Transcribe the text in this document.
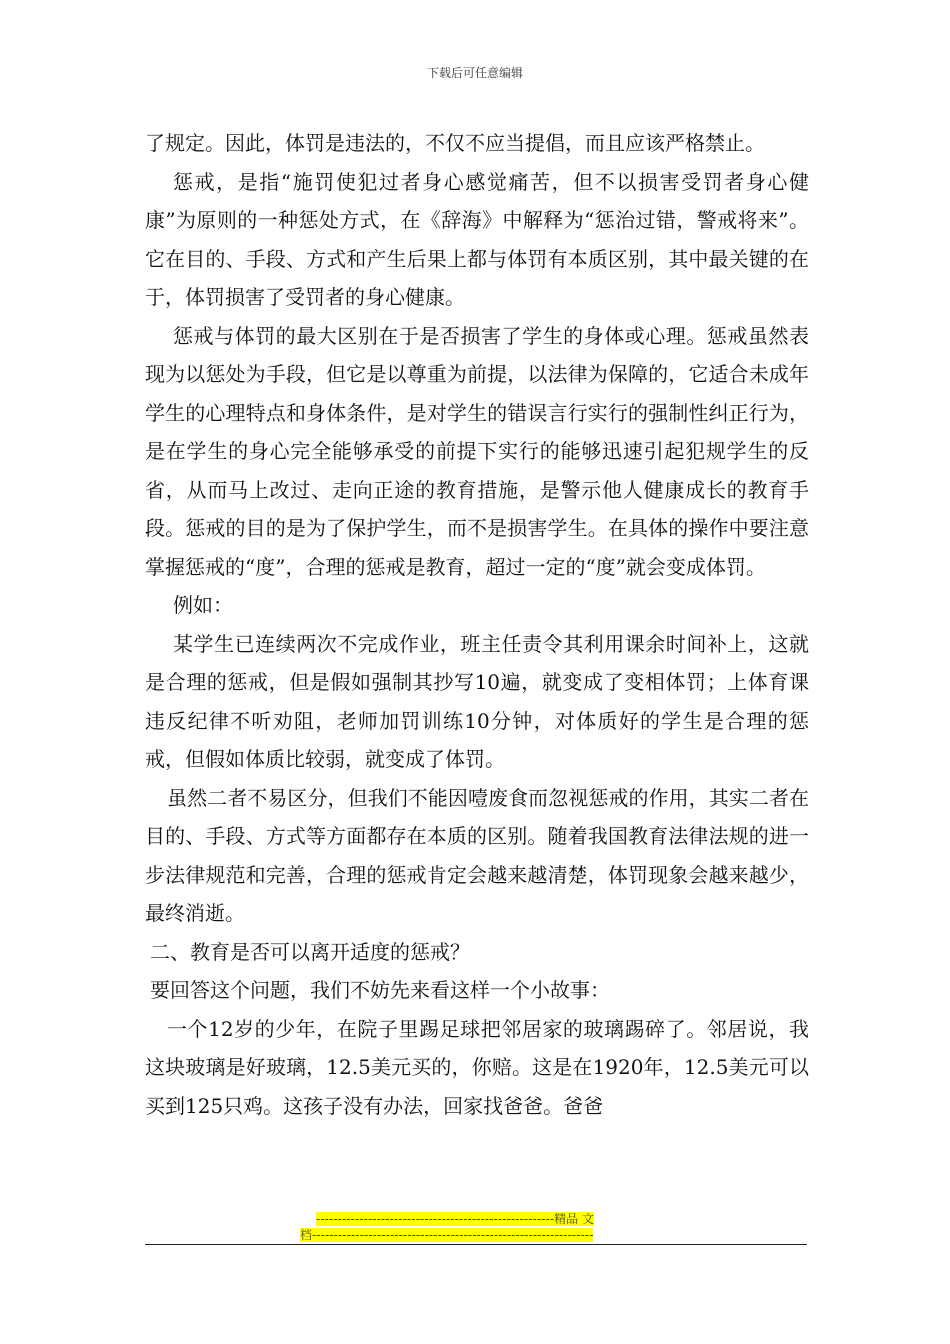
下载后可任意编辑

了规定。因此，体罚是违法的，不仅不应当提倡，而且应该严格禁止。

惩戒，是指“施罚使犯过者身心感觉痛苦，但不以损害受罚者身心健康”为原则的一种惩处方式，在《辞海》中解释为“惩治过错，警戒将来”。它在目的、手段、方式和产生后果上都与体罚有本质区别，其中最关键的在于，体罚损害了受罚者的身心健康。

惩戒与体罚的最大区别在于是否损害了学生的身体或心理。惩戒虽然表现为以惩处为手段，但它是以尊重为前提，以法律为保障的，它适合未成年学生的心理特点和身体条件，是对学生的错误言行实行的强制性纠正行为，是在学生的身心完全能够承受的前提下实行的能够迅速引起犯规学生的反省，从而马上改过、走向正途的教育措施，是警示他人健康成长的教育手段。惩戒的目的是为了保护学生，而不是损害学生。在具体的操作中要注意掌握惩戒的“度”，合理的惩戒是教育，超过一定的“度”就会变成体罚。

例如：

某学生已连续两次不完成作业，班主任责令其利用课余时间补上，这就是合理的惩戒，但是假如强制其抄写10遍，就变成了变相体罚；上体育课违反纪律不听劝阻，老师加罚训练10分钟，对体质好的学生是合理的惩戒，但假如体质比较弱，就变成了体罚。

虽然二者不易区分，但我们不能因噎废食而忽视惩戒的作用，其实二者在目的、手段、方式等方面都存在本质的区别。随着我国教育法律法规的进一步法律规范和完善，合理的惩戒肯定会越来越清楚，体罚现象会越来越少，最终消逝。

二、教育是否可以离开适度的惩戒？

要回答这个问题，我们不妨先来看这样一个小故事：

一个12岁的少年，在院子里踢足球把邻居家的玻璃踢碎了。邻居说，我这块玻璃是好玻璃，12.5美元买的，你赔。这是在1920年，12.5美元可以买到125只鸡。这孩子没有办法，回家找爸爸。爸爸

-------------------------------------------------------精品 文
档-----------------------------------------------------------------
